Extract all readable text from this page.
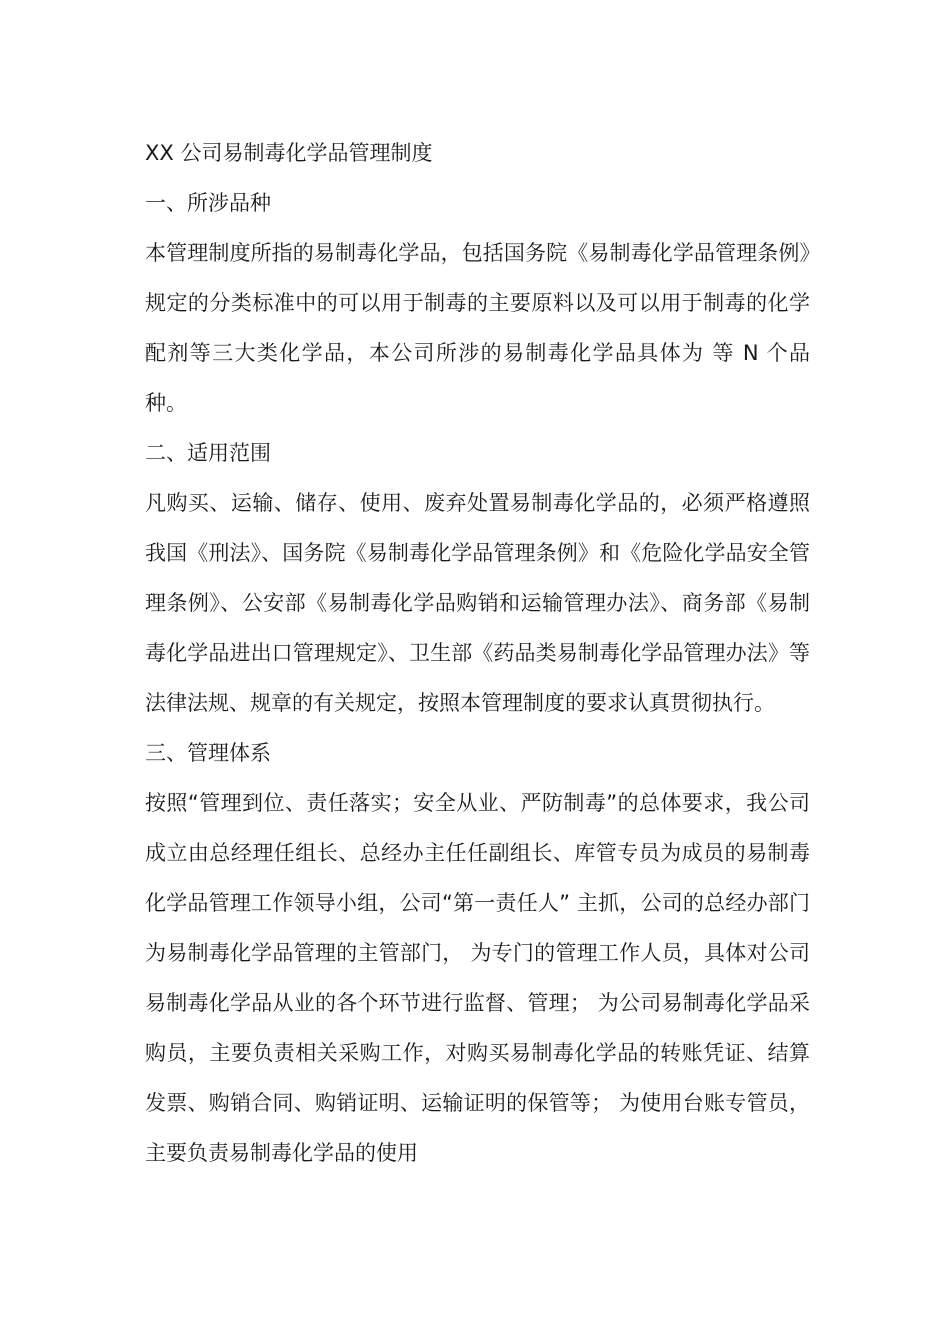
XX 公司易制毒化学品管理制度

一、所涉品种

本管理制度所指的易制毒化学品，包括国务院《易制毒化学品管理条例》规定的分类标准中的可以用于制毒的主要原料以及可以用于制毒的化学配剂等三大类化学品，本公司所涉的易制毒化学品具体为 等 N 个品种。

二、适用范围

凡购买、运输、储存、使用、废弃处置易制毒化学品的，必须严格遵照我国《刑法》、国务院《易制毒化学品管理条例》和《危险化学品安全管理条例》、公安部《易制毒化学品购销和运输管理办法》、商务部《易制毒化学品进出口管理规定》、卫生部《药品类易制毒化学品管理办法》等法律法规、规章的有关规定，按照本管理制度的要求认真贯彻执行。

三、管理体系

按照“管理到位、责任落实；安全从业、严防制毒”的总体要求，我公司成立由总经理任组长、总经办主任任副组长、库管专员为成员的易制毒化学品管理工作领导小组，公司“第一责任人” 主抓，公司的总经办部门为易制毒化学品管理的主管部门， 为专门的管理工作人员，具体对公司易制毒化学品从业的各个环节进行监督、管理； 为公司易制毒化学品采购员，主要负责相关采购工作，对购买易制毒化学品的转账凭证、结算发票、购销合同、购销证明、运输证明的保管等； 为使用台账专管员，主要负责易制毒化学品的使用
